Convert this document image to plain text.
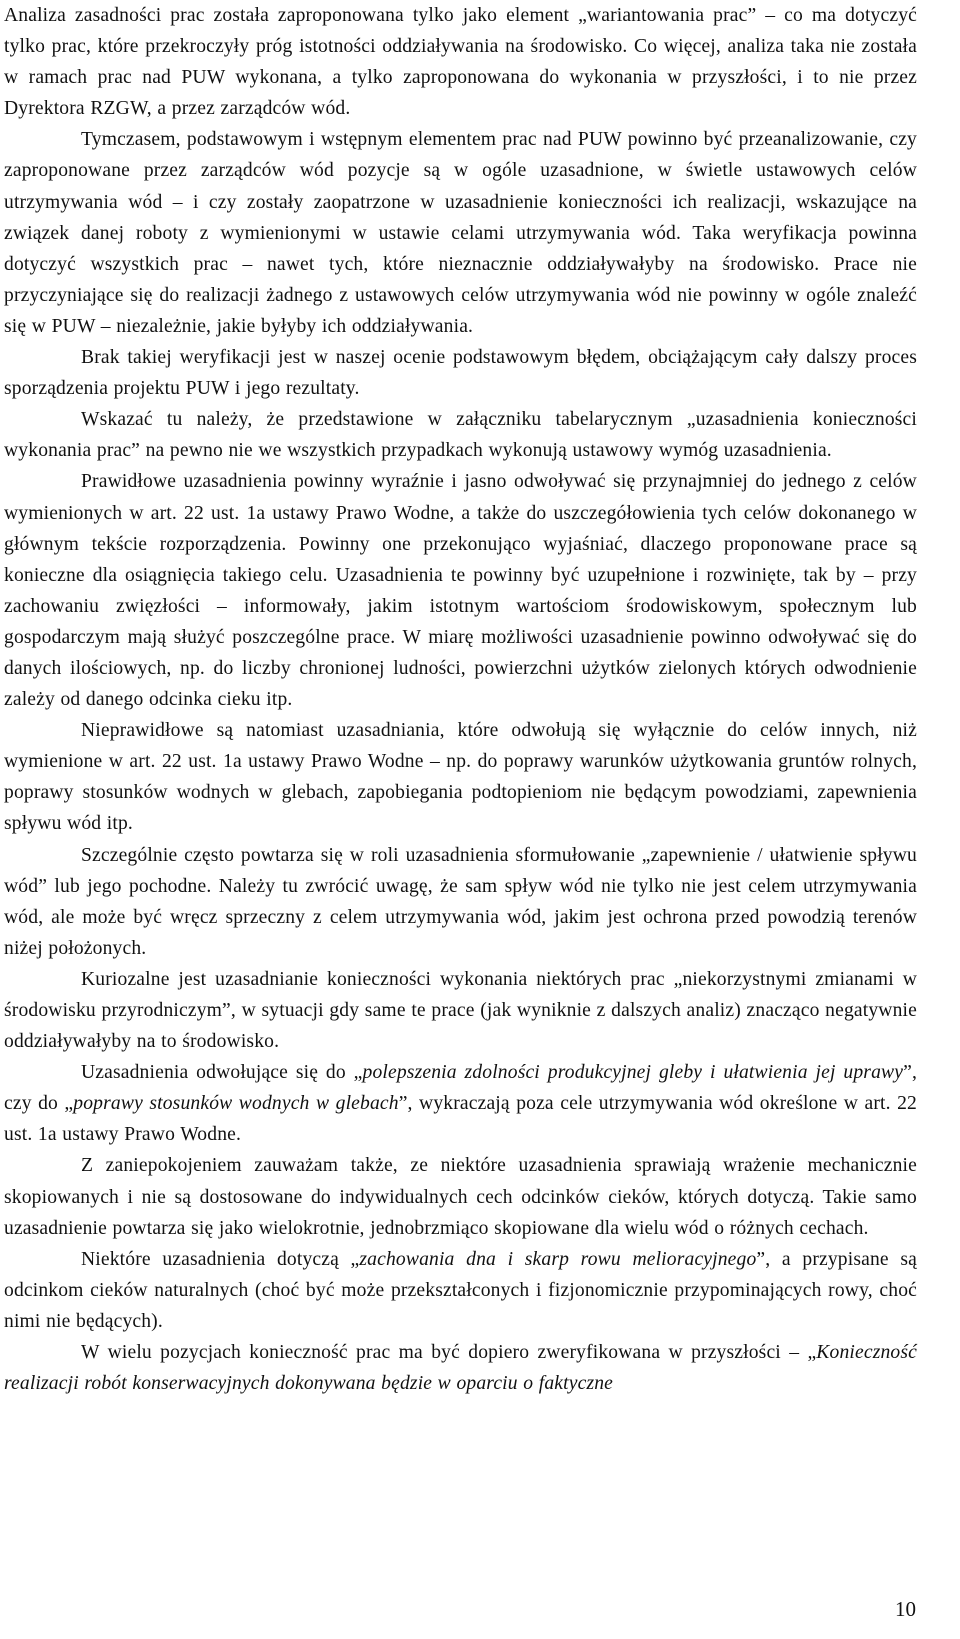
Analiza zasadności prac została zaproponowana tylko jako element „wariantowania prac” – co ma dotyczyć tylko prac, które przekroczyły próg istotności oddziaływania na środowisko. Co więcej, analiza taka nie została w ramach prac nad PUW wykonana, a tylko zaproponowana do wykonania w przyszłości, i to nie przez Dyrektora RZGW, a przez zarządców wód.

Tymczasem, podstawowym i wstępnym elementem prac nad PUW powinno być przeanalizowanie, czy zaproponowane przez zarządców wód pozycje są w ogóle uzasadnione, w świetle ustawowych celów utrzymywania wód – i czy zostały zaopatrzone w uzasadnienie konieczności ich realizacji, wskazujące na związek danej roboty z wymienionymi w ustawie celami utrzymywania wód. Taka weryfikacja powinna dotyczyć wszystkich prac – nawet tych, które nieznacznie oddziaływałyby na środowisko. Prace nie przyczyniające się do realizacji żadnego z ustawowych celów utrzymywania wód nie powinny w ogóle znaleźć się w PUW – niezależnie, jakie byłyby ich oddziaływania.

Brak takiej weryfikacji jest w naszej ocenie podstawowym błędem, obciążającym cały dalszy proces sporządzenia projektu PUW i jego rezultaty.

Wskazać tu należy, że przedstawione w załączniku tabelarycznym „uzasadnienia konieczności wykonania prac” na pewno nie we wszystkich przypadkach wykonują ustawowy wymóg uzasadnienia.

Prawidłowe uzasadnienia powinny wyraźnie i jasno odwoływać się przynajmniej do jednego z celów wymienionych w art. 22 ust. 1a ustawy Prawo Wodne, a także do uszczegółowienia tych celów dokonanego w głównym tekście rozporządzenia. Powinny one przekonująco wyjaśniać, dlaczego proponowane prace są konieczne dla osiągnięcia takiego celu. Uzasadnienia te powinny być uzupełnione i rozwinięte, tak by – przy zachowaniu zwięzłości – informowały, jakim istotnym wartościom środowiskowym, społecznym lub gospodarczym mają służyć poszczególne prace. W miarę możliwości uzasadnienie powinno odwoływać się do danych ilościowych, np. do liczby chronionej ludności, powierzchni użytków zielonych których odwodnienie zależy od danego odcinka cieku itp.

Nieprawidłowe są natomiast uzasadniania, które odwołują się wyłącznie do celów innych, niż wymienione w art. 22 ust. 1a ustawy Prawo Wodne – np. do poprawy warunków użytkowania gruntów rolnych, poprawy stosunków wodnych w glebach, zapobiegania podtopieniom nie będącym powodziami, zapewnienia spływu wód itp.

Szczególnie często powtarza się w roli uzasadnienia sformułowanie „zapewnienie / ułatwienie spływu wód” lub jego pochodne. Należy tu zwrócić uwagę, że sam spływ wód nie tylko nie jest celem utrzymywania wód, ale może być wręcz sprzeczny z celem utrzymywania wód, jakim jest ochrona przed powodzią terenów niżej położonych.

Kuriozalne jest uzasadnianie konieczności wykonania niektórych prac „niekorzystnymi zmianami w środowisku przyrodniczym”, w sytuacji gdy same te prace (jak wyniknie z dalszych analiz) znacząco negatywnie oddziaływałyby na to środowisko.

Uzasadnienia odwołujące się do „polepszenia zdolności produkcyjnej gleby i ułatwienia jej uprawy”, czy do „poprawy stosunków wodnych w glebach”, wykraczają poza cele utrzymywania wód określone w art. 22 ust. 1a ustawy Prawo Wodne.

Z zaniepokojeniem zauważam także, ze niektóre uzasadnienia sprawiają wrażenie mechanicznie skopiowanych i nie są dostosowane do indywidualnych cech odcinków cieków, których dotyczą. Takie samo uzasadnienie powtarza się jako wielokrotnie, jednobrzmiąco skopiowane dla wielu wód o różnych cechach.

Niektóre uzasadnienia dotyczą „zachowania dna i skarp rowu melioracyjnego”, a przypisane są odcinkom cieków naturalnych (choć być może przekształconych i fizjonomicznie przypominających rowy, choć nimi nie będących).

W wielu pozycjach konieczność prac ma być dopiero zweryfikowana w przyszłości – „Konieczność realizacji robót konserwacyjnych dokonywana będzie w oparciu o faktyczne

10
